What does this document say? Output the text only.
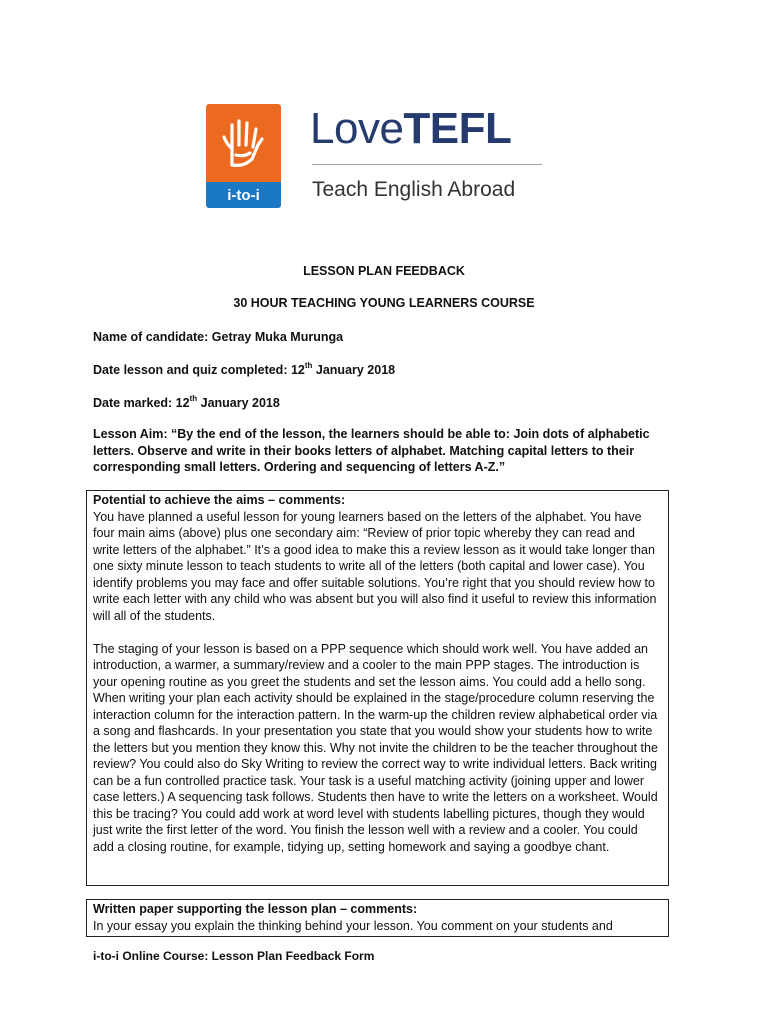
i-to-i
LoveTEFL
Teach English Abroad
LESSON PLAN FEEDBACK
30 HOUR TEACHING YOUNG LEARNERS COURSE
Name of candidate: Getray Muka Murunga
Date lesson and quiz completed: 12th January 2018
Date marked: 12th January 2018
Lesson Aim: “By the end of the lesson, the learners should be able to: Join dots of alphabetic letters. Observe and write in their books letters of alphabet. Matching capital letters to their corresponding small letters. Ordering and sequencing of letters A-Z.”
Potential to achieve the aims – comments:

You have planned a useful lesson for young learners based on the letters of the alphabet. You have four main aims (above) plus one secondary aim: “Review of prior topic whereby they can read and write letters of the alphabet.” It’s a good idea to make this a review lesson as it would take longer than one sixty minute lesson to teach students to write all of the letters (both capital and lower case). You identify problems you may face and offer suitable solutions. You’re right that you should review how to write each letter with any child who was absent but you will also find it useful to review this information will all of the students.

The staging of your lesson is based on a PPP sequence which should work well. You have added an introduction, a warmer, a summary/review and a cooler to the main PPP stages. The introduction is your opening routine as you greet the students and set the lesson aims. You could add a hello song. When writing your plan each activity should be explained in the stage/procedure column reserving the interaction column for the interaction pattern. In the warm-up the children review alphabetical order via a song and flashcards. In your presentation you state that you would show your students how to write the letters but you mention they know this. Why not invite the children to be the teacher throughout the review? You could also do Sky Writing to review the correct way to write individual letters. Back writing can be a fun controlled practice task. Your task is a useful matching activity (joining upper and lower case letters.) A sequencing task follows. Students then have to write the letters on a worksheet. Would this be tracing? You could add work at word level with students labelling pictures, though they would just write the first letter of the word. You finish the lesson well with a review and a cooler. You could add a closing routine, for example, tidying up, setting homework and saying a goodbye chant.

Written paper supporting the lesson plan – comments:

In your essay you explain the thinking behind your lesson. You comment on your students and

i-to-i Online Course: Lesson Plan Feedback Form
